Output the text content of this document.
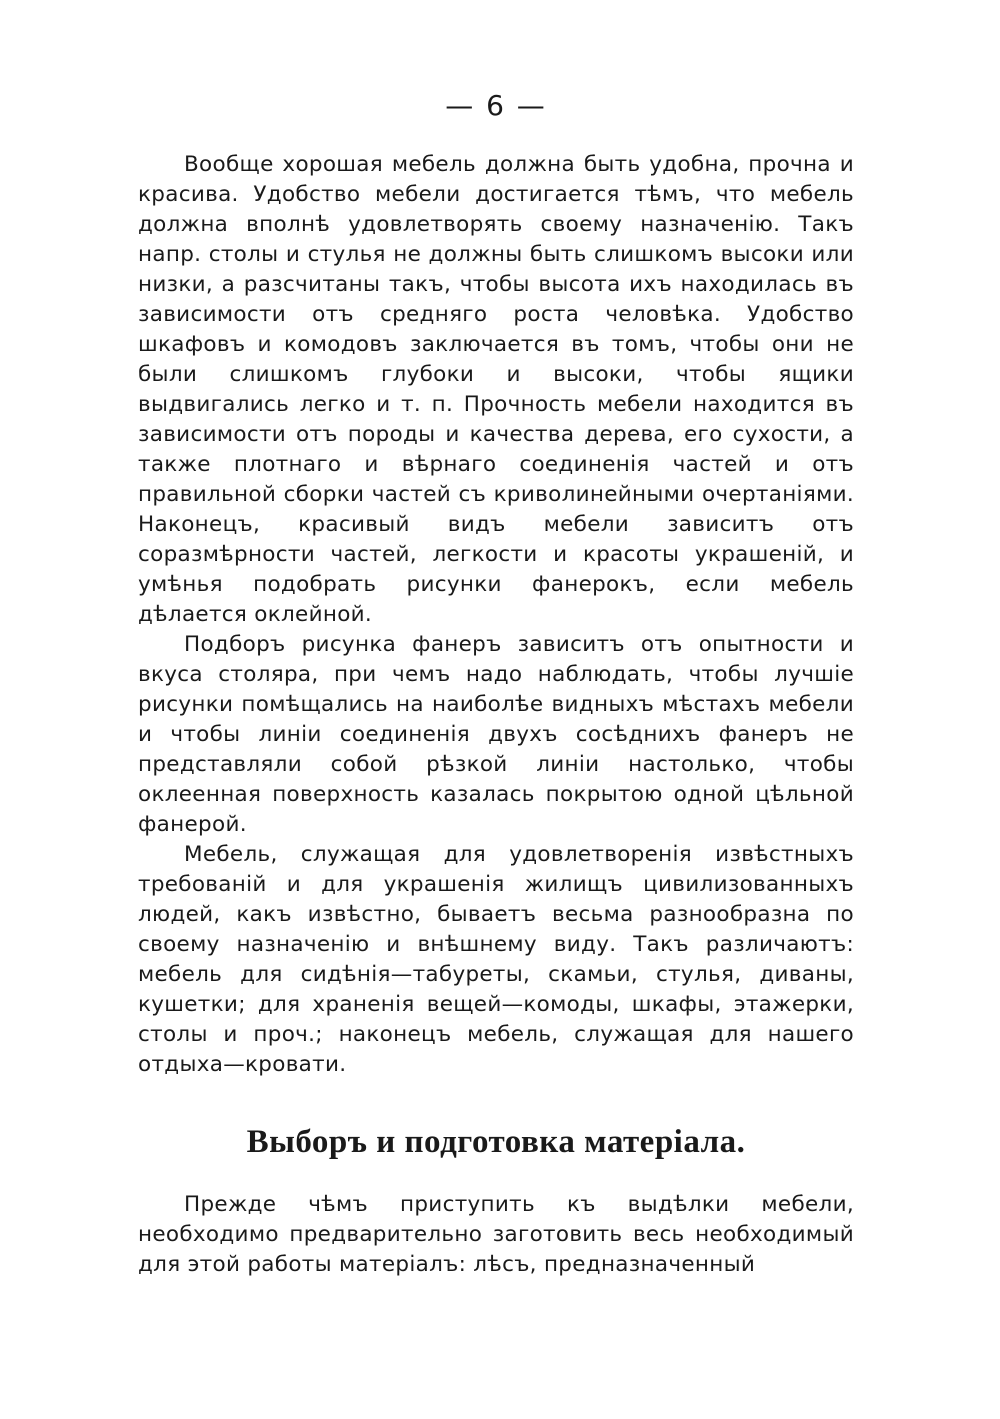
— 6 —

Вообще хорошая мебель должна быть удобна, прочна и красива. Удобство мебели достигается тѣмъ, что мебель должна вполнѣ удовлетворять своему назначенію. Такъ напр. столы и стулья не должны быть слишкомъ высоки или низки, а разсчитаны такъ, чтобы высота ихъ находилась въ зависимости отъ средняго роста человѣка. Удобство шкафовъ и комодовъ заключается въ томъ, чтобы они не были слишкомъ глубоки и высоки, чтобы ящики выдвигались легко и т. п. Прочность мебели находится въ зависимости отъ породы и качества дерева, его сухости, а также плотнаго и вѣрнаго соединенія частей и отъ правильной сборки частей съ криволинейными очертаніями. Наконецъ, красивый видъ мебели зависитъ отъ соразмѣрности частей, легкости и красоты украшеній, и умѣнья подобрать рисунки фанерокъ, если мебель дѣлается оклейной.

Подборъ рисунка фанеръ зависитъ отъ опытности и вкуса столяра, при чемъ надо наблюдать, чтобы лучшіе рисунки помѣщались на наиболѣе видныхъ мѣстахъ мебели и чтобы линіи соединенія двухъ сосѣднихъ фанеръ не представляли собой рѣзкой линіи настолько, чтобы оклеенная поверхность казалась покрытою одной цѣльной фанерой.

Мебель, служащая для удовлетворенія извѣстныхъ требованій и для украшенія жилищъ цивилизованныхъ людей, какъ извѣстно, бываетъ весьма разнообразна по своему назначенію и внѣшнему виду. Такъ различаютъ: мебель для сидѣнія—табуреты, скамьи, стулья, диваны, кушетки; для храненія вещей—комоды, шкафы, этажерки, столы и проч.; наконецъ мебель, служащая для нашего отдыха—кровати.

Выборъ и подготовка матеріала.

Прежде чѣмъ приступить къ выдѣлки мебели, необходимо предварительно заготовить весь необходимый для этой работы матеріалъ: лѣсъ, предназначенный
